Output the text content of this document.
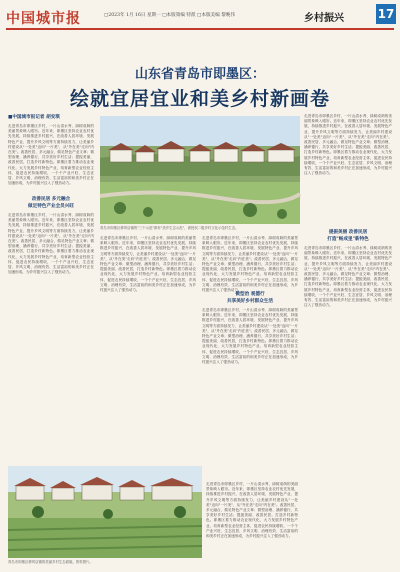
中国城市报	□2023年 1月 16日 星期一 □本版策编 特派 □本版美编 黎晚伟	乡村振兴	17
山东省青岛市即墨区：
绘就宜居宜业和美乡村新画卷
■中国城市报记者 胡安琪
走进青岛市即墨区乡村，一片山清水秀、绿树成荫的美丽景象映入眼帘。近年来，即墨区坚持农业农村优先发展，持续推进乡村振兴，在改善人居环境、发展特色产业、提升乡风文明等方面持续发力，让美丽乡村建设从"一处美"迈向"一片美"，从"外在美"走向"内在美"。改善民居、多元融合，做足特色产业文章；微型治理、涵养德行，共享美好乡村生活；提振美丽、改善民居，打造乡村新特色。即墨区着力推动农业现代化，大力发展乡村特色产业，培育新型农业经营主体，促进农民持续增收，一个个产业兴旺、生态宜居、乡风文明、治理有效、生活富裕的和美乡村正在加速形成，为乡村振兴注入了强劲动力。
改善民居 多元融合
做足特色产业全员兴旺
走进青岛市即墨区乡村，一片山清水秀、绿树成荫的美丽景象映入眼帘。近年来，即墨区坚持农业农村优先发展，持续推进乡村振兴，在改善人居环境、发展特色产业、提升乡风文明等方面持续发力，让美丽乡村建设从"一处美"迈向"一片美"，从"外在美"走向"内在美"。改善民居、多元融合，做足特色产业文章；微型治理、涵养德行，共享美好乡村生活；提振美丽、改善民居，打造乡村新特色。即墨区着力推动农业现代化，大力发展乡村特色产业，培育新型农业经营主体，促进农民持续增收，一个个产业兴旺、生态宜居、乡风文明、治理有效、生活富裕的和美乡村正在加速形成，为乡村振兴注入了强劲动力。
青岛市即墨区移风店镇的"三个示范"都有"美乡生态示范"，被授权二级乡村文化示范村生态。
走进青岛市即墨区乡村，一片山清水秀、绿树成荫的美丽景象映入眼帘。近年来，即墨区坚持农业农村优先发展，持续推进乡村振兴，在改善人居环境、发展特色产业、提升乡风文明等方面持续发力，让美丽乡村建设从"一处美"迈向"一片美"，从"外在美"走向"内在美"。改善民居、多元融合，做足特色产业文章；微型治理、涵养德行，共享美好乡村生活；提振美丽、改善民居，打造乡村新特色。即墨区着力推动农业现代化，大力发展乡村特色产业，培育新型农业经营主体，促进农民持续增收，一个个产业兴旺、生态宜居、乡风文明、治理有效、生活富裕的和美乡村正在加速形成，为乡村振兴注入了强劲动力。
提振美丽 改善民居
打造"畅成里"新特色
走进青岛市即墨区乡村，一片山清水秀、绿树成荫的美丽景象映入眼帘。近年来，即墨区坚持农业农村优先发展，持续推进乡村振兴，在改善人居环境、发展特色产业、提升乡风文明等方面持续发力，让美丽乡村建设从"一处美"迈向"一片美"，从"外在美"走向"内在美"。改善民居、多元融合，做足特色产业文章；微型治理、涵养德行，共享美好乡村生活；提振美丽、改善民居，打造乡村新特色。即墨区着力推动农业现代化，大力发展乡村特色产业，培育新型农业经营主体，促进农民持续增收，一个个产业兴旺、生态宜居、乡风文明、治理有效、生活富裕的和美乡村正在加速形成，为乡村振兴注入了强劲动力。
走进青岛市即墨区乡村，一片山清水秀、绿树成荫的美丽景象映入眼帘。近年来，即墨区坚持农业农村优先发展，持续推进乡村振兴，在改善人居环境、发展特色产业、提升乡风文明等方面持续发力，让美丽乡村建设从"一处美"迈向"一片美"，从"外在美"走向"内在美"。改善民居、多元融合，做足特色产业文章；微型治理、涵养德行，共享美好乡村生活；提振美丽、改善民居，打造乡村新特色。即墨区着力推动农业现代化，大力发展乡村特色产业，培育新型农业经营主体，促进农民持续增收，一个个产业兴旺、生态宜居、乡风文明、治理有效、生活富裕的和美乡村正在加速形成，为乡村振兴注入了强劲动力。
微型治 观德行
共享美好乡村群众生活
走进青岛市即墨区乡村，一片山清水秀、绿树成荫的美丽景象映入眼帘。近年来，即墨区坚持农业农村优先发展，持续推进乡村振兴，在改善人居环境、发展特色产业、提升乡风文明等方面持续发力，让美丽乡村建设从"一处美"迈向"一片美"，从"外在美"走向"内在美"。改善民居、多元融合，做足特色产业文章；微型治理、涵养德行，共享美好乡村生活；提振美丽、改善民居，打造乡村新特色。即墨区着力推动农业现代化，大力发展乡村特色产业，培育新型农业经营主体，促进农民持续增收，一个个产业兴旺、生态宜居、乡风文明、治理有效、生活富裕的和美乡村正在加速形成，为乡村振兴注入了强劲动力。
走进青岛市即墨区乡村，一片山清水秀、绿树成荫的美丽景象映入眼帘。近年来，即墨区坚持农业农村优先发展，持续推进乡村振兴，在改善人居环境、发展特色产业、提升乡风文明等方面持续发力，让美丽乡村建设从"一处美"迈向"一片美"，从"外在美"走向"内在美"。改善民居、多元融合，做足特色产业文章；微型治理、涵养德行，共享美好乡村生活；提振美丽、改善民居，打造乡村新特色。即墨区着力推动农业现代化，大力发展乡村特色产业，培育新型农业经营主体，促进农民持续增收，一个个产业兴旺、生态宜居、乡风文明、治理有效、生活富裕的和美乡村正在加速形成，为乡村振兴注入了强劲动力。
青岛市即墨区移风店镇的美丽乡村生态面貌。资料图片。
走进青岛市即墨区乡村，一片山清水秀、绿树成荫的美丽景象映入眼帘。近年来，即墨区坚持农业农村优先发展，持续推进乡村振兴，在改善人居环境、发展特色产业、提升乡风文明等方面持续发力，让美丽乡村建设从"一处美"迈向"一片美"，从"外在美"走向"内在美"。改善民居、多元融合，做足特色产业文章；微型治理、涵养德行，共享美好乡村生活；提振美丽、改善民居，打造乡村新特色。即墨区着力推动农业现代化，大力发展乡村特色产业，培育新型农业经营主体，促进农民持续增收，一个个产业兴旺、生态宜居、乡风文明、治理有效、生活富裕的和美乡村正在加速形成，为乡村振兴注入了强劲动力。
